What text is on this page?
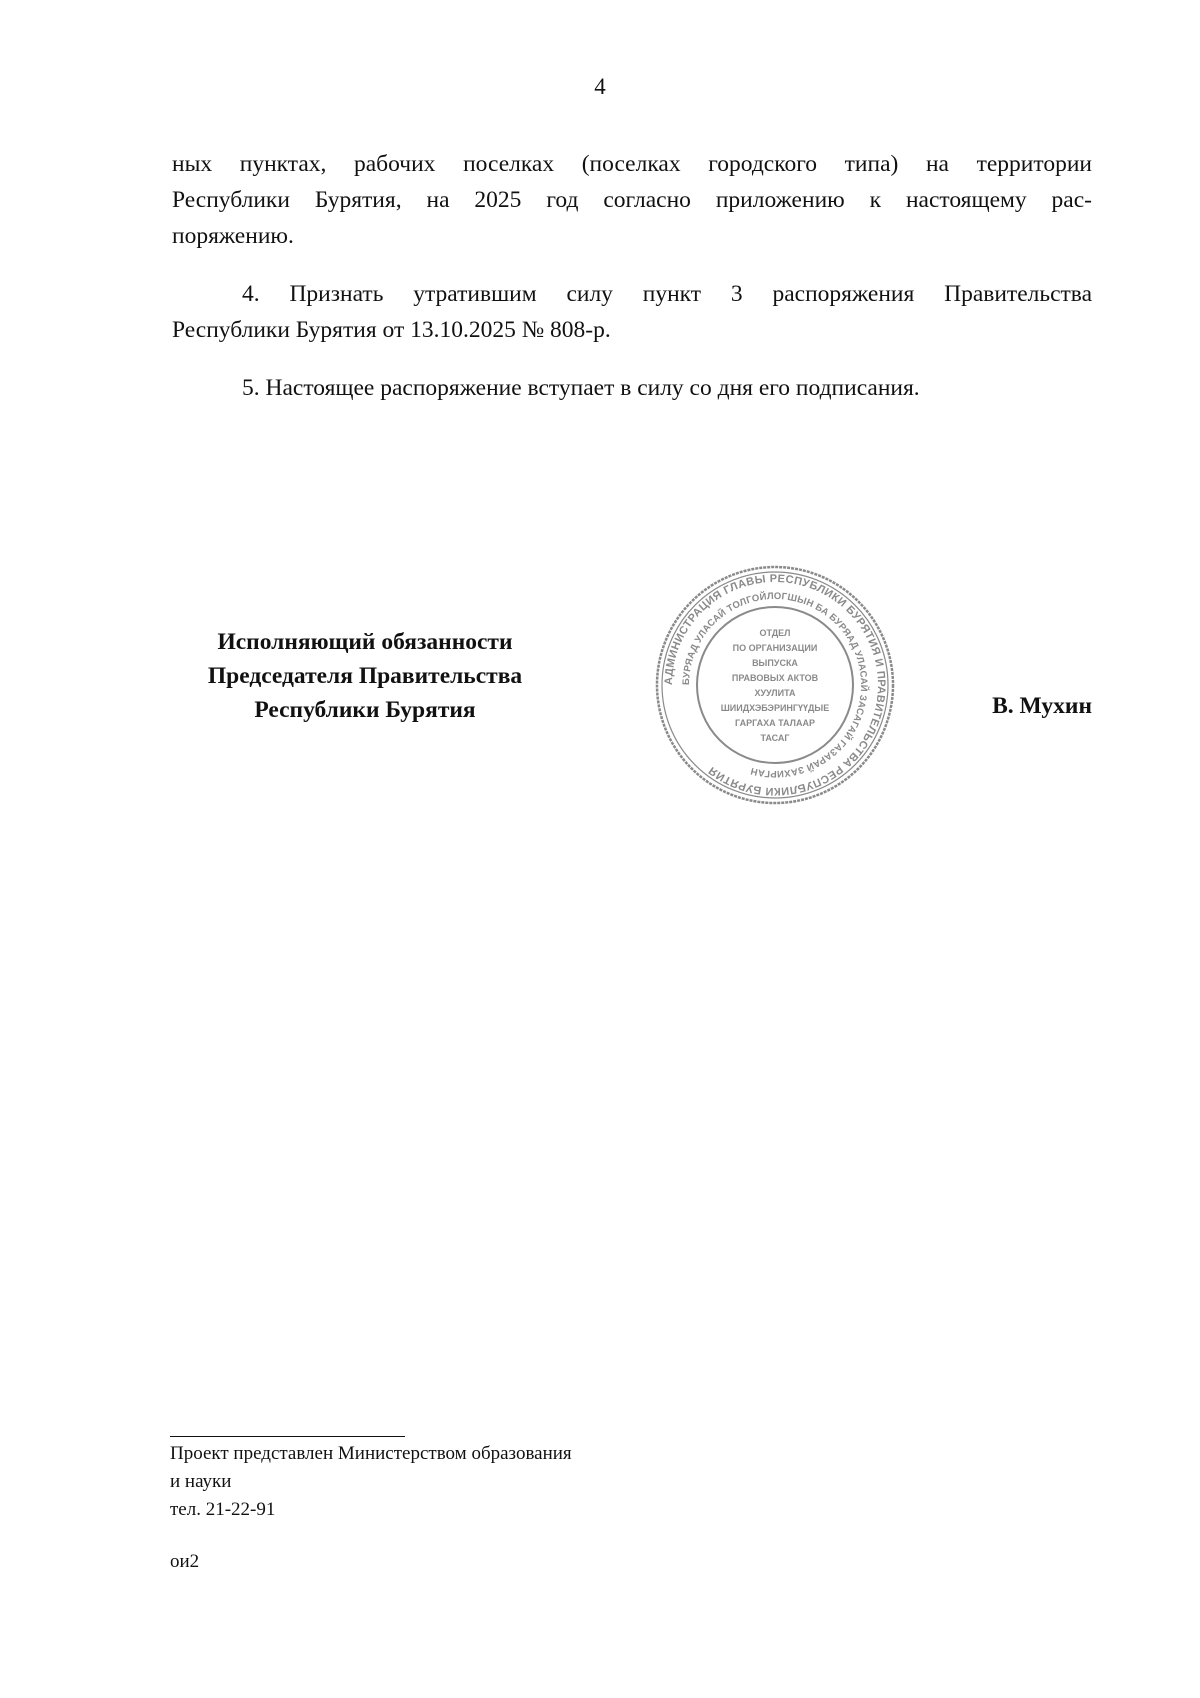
4
ных пунктах, рабочих поселках (поселках городского типа) на территории
Республики Бурятия, на 2025 год согласно приложению к настоящему рас-
поряжению.
4. Признать утратившим силу пункт 3 распоряжения Правительства
Республики Бурятия от 13.10.2025 № 808-р.
5. Настоящее распоряжение вступает в силу со дня его подписания.
Исполняющий обязанности
Председателя Правительства
Республики Бурятия
АДМИНИСТРАЦИЯ ГЛАВЫ РЕСПУБЛИКИ БУРЯТИЯ И ПРАВИТЕЛЬСТВА РЕСПУБЛИКИ БУРЯТИЯ
БУРЯАД УЛАСАЙ ТОЛГОЙЛОГШЫН БА БУРЯАД УЛАСАЙ ЗАСАГАЙ ГАЗАРАЙ ЗАХИРГАН
ОТДЕЛ
ПО ОРГАНИЗАЦИИ
ВЫПУСКА
ПРАВОВЫХ АКТОВ
ХУУЛИТА
ШИИДХЭБЭРИНГҮҮДЫЕ
ГАРГАХА ТАЛААР
ТАСАГ
В. Мухин
Проект представлен Министерством образования
и науки
тел. 21-22-91
ои2
